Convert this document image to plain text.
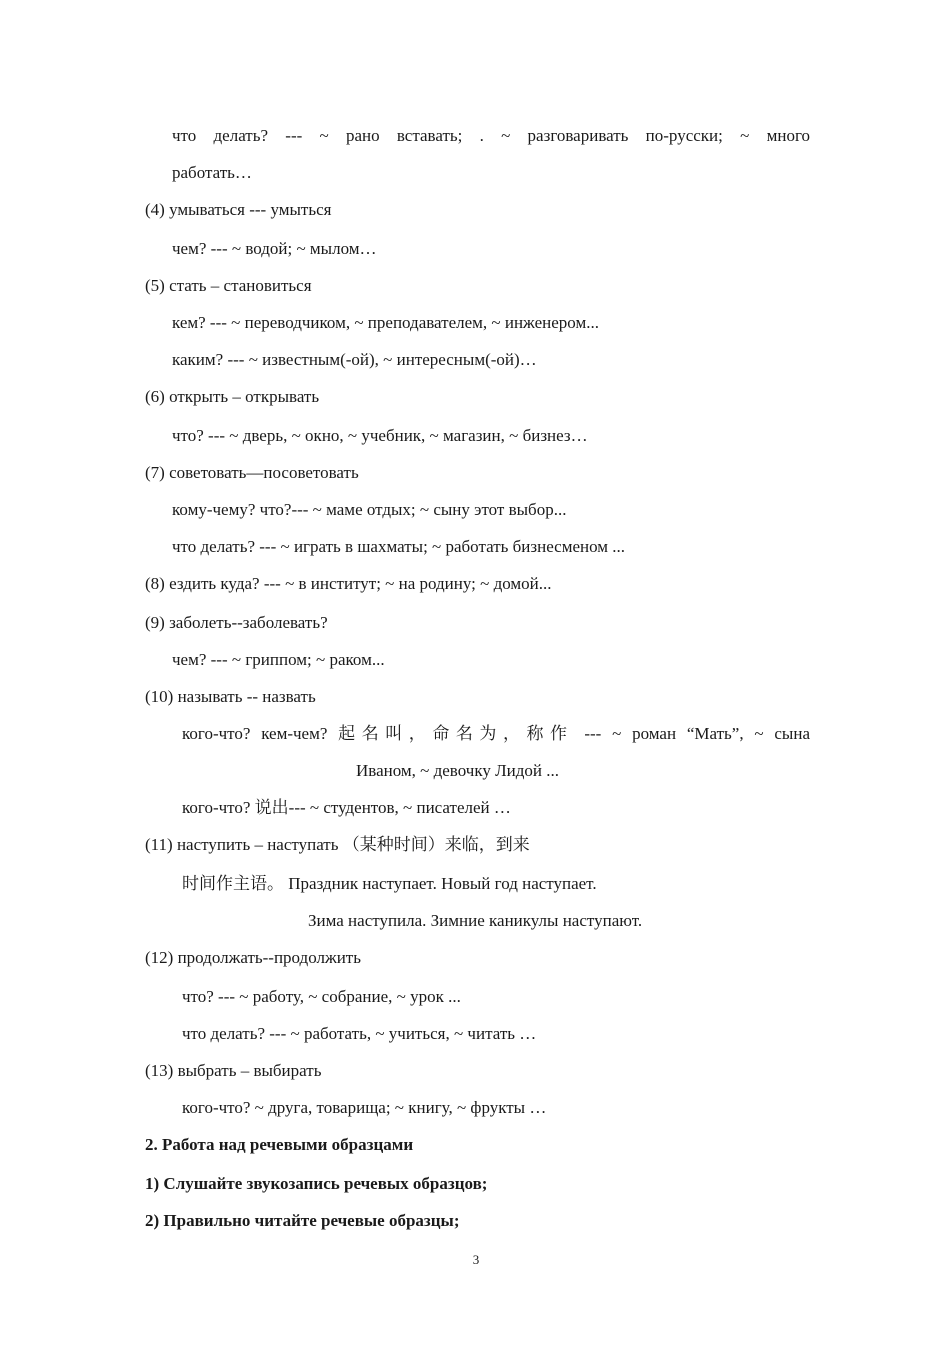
что делать? --- ~ рано вставать; . ~ разговаривать по-русски; ~ много

работать…

(4) умываться --- умыться

чем? --- ~ водой; ~ мылом…

(5) стать – становиться

кем? --- ~ переводчиком, ~ преподавателем, ~ инженером...

каким? --- ~ известным(-ой), ~ интересным(-ой)…

(6) открыть – открывать

что? --- ~ дверь, ~ окно, ~ учебник, ~ магазин, ~ бизнез…

(7) советовать—посоветовать

кому-чему? что?--- ~ маме отдых; ~ сыну этот выбор...

что делать? --- ~ играть в шахматы; ~ работать бизнесменом ...

(8) ездить куда? --- ~ в институт; ~ на родину; ~ домой...

(9) заболеть--заболевать?

чем? --- ~ гриппом; ~ раком...

(10) называть -- назвать

кого-что? кем-чем? 起名叫，命名为，称作 --- ~ роман “Мать”, ~ сына

Иваном, ~ девочку Лидой ...

кого-что? 说出--- ~ студентов, ~ писателей …

(11) наступить – наступать （某种时间）来临，到来

时间作主语。 Праздник наступает. Новый год наступает.

Зима наступила. Зимние каникулы наступают.

(12) продолжать--продолжить

что? --- ~ работу, ~ собрание, ~ урок ...

что делать? --- ~ работать, ~ учиться, ~ читать …

(13) выбрать – выбирать

кого-что? ~ друга, товарища; ~ книгу, ~ фрукты …

2. Работа над речевыми образцами

1) Слушайте звукозапись речевых образцов;

2) Правильно читайте речевые образцы;

3
